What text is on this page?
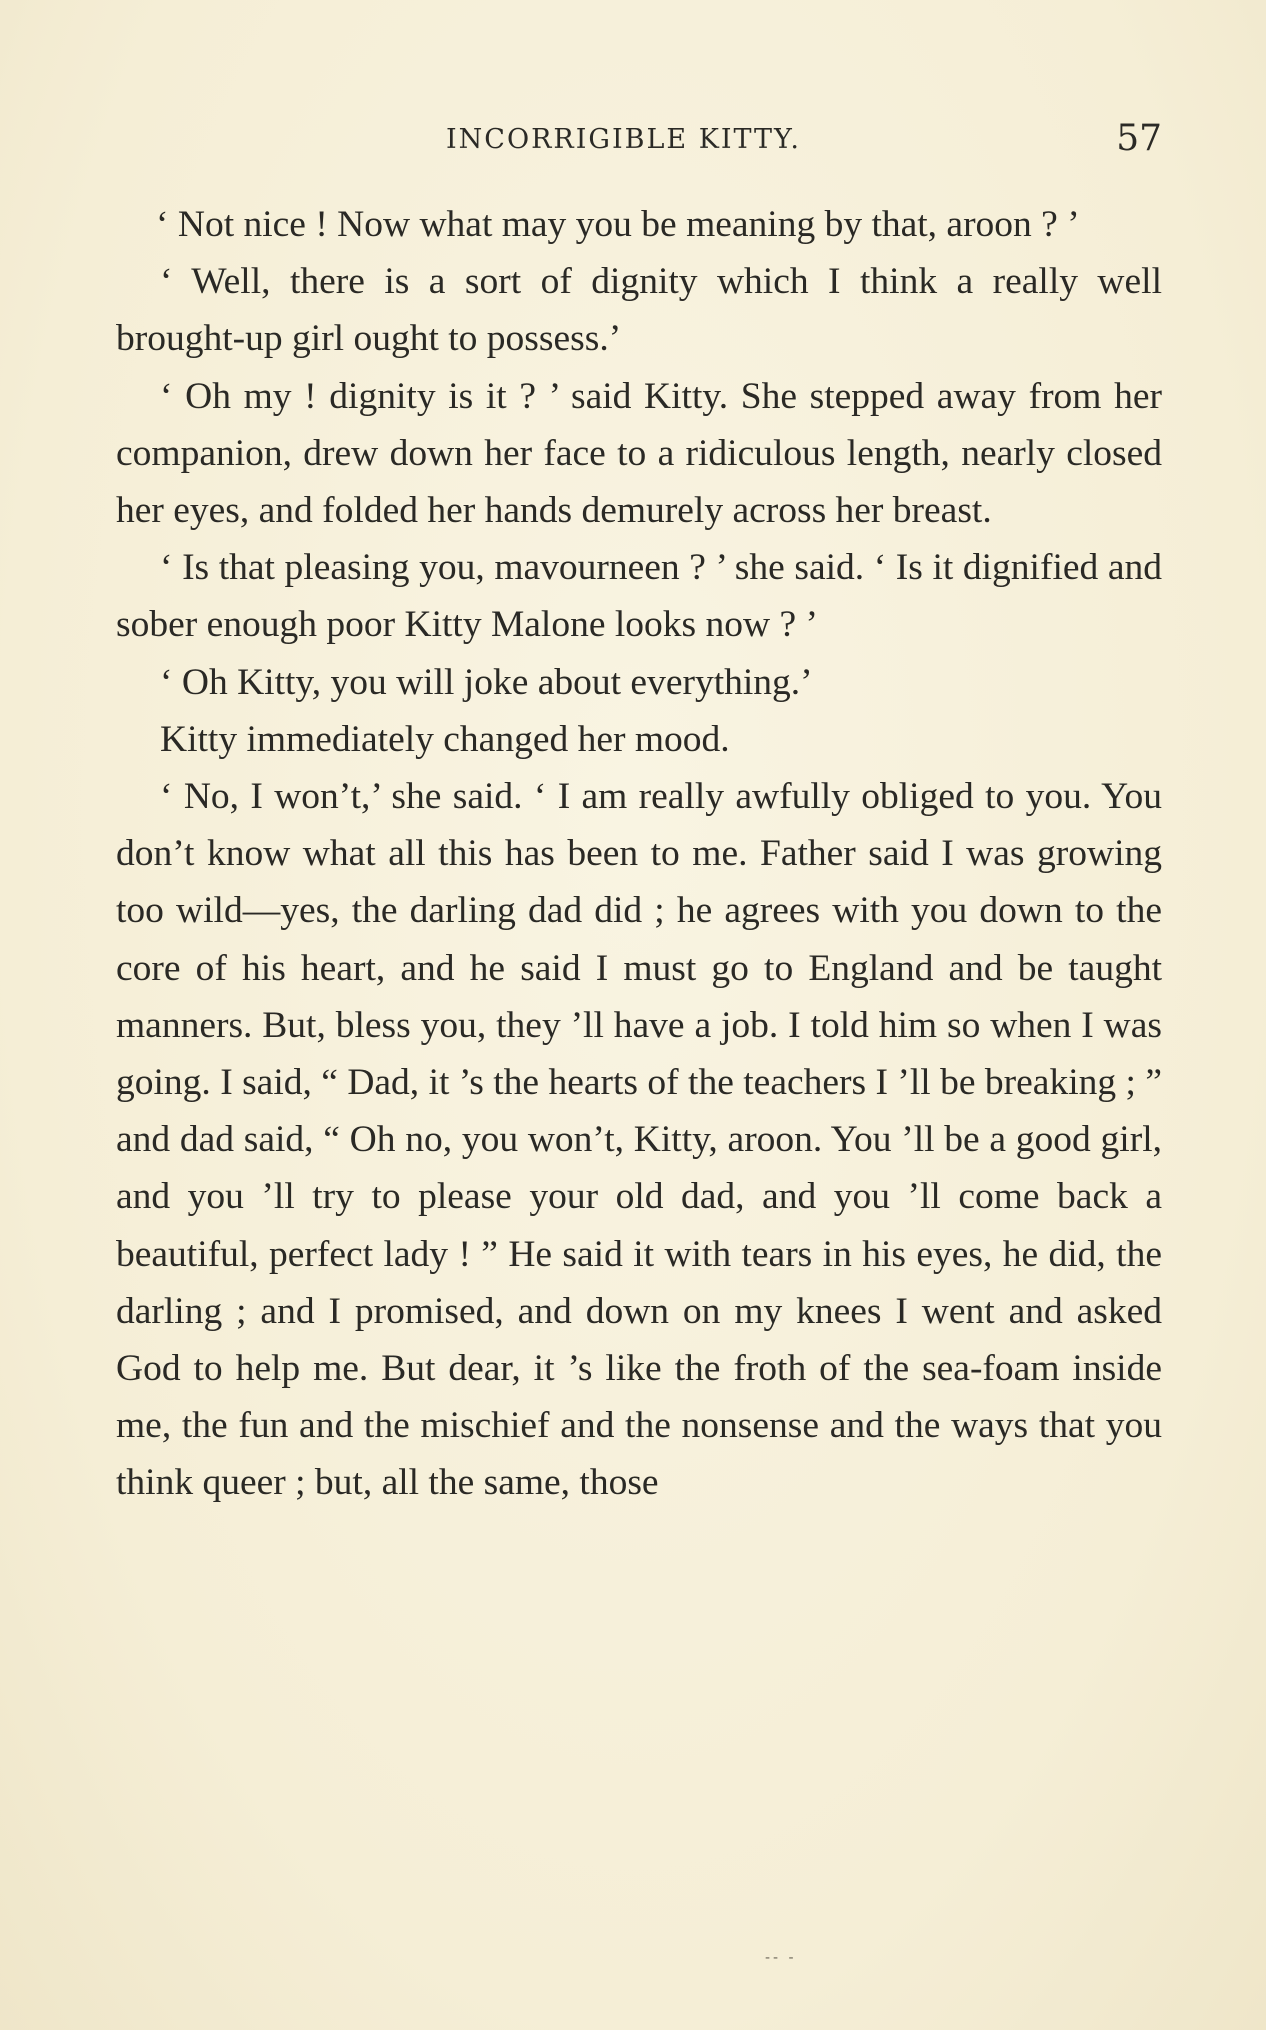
INCORRIGIBLE KITTY.	57

‘ Not nice ! Now what may you be meaning by that, aroon ? ’

‘ Well, there is a sort of dignity which I think a really well brought-up girl ought to possess.’

‘ Oh my ! dignity is it ? ’ said Kitty. She stepped away from her companion, drew down her face to a ridiculous length, nearly closed her eyes, and folded her hands demurely across her breast.

‘ Is that pleasing you, mavourneen ? ’ she said. ‘ Is it dignified and sober enough poor Kitty Malone looks now ? ’

‘ Oh Kitty, you will joke about everything.’

Kitty immediately changed her mood.

‘ No, I won’t,’ she said. ‘ I am really awfully obliged to you. You don’t know what all this has been to me. Father said I was growing too wild—yes, the darling dad did ; he agrees with you down to the core of his heart, and he said I must go to England and be taught manners. But, bless you, they ’ll have a job. I told him so when I was going. I said, “ Dad, it ’s the hearts of the teachers I ’ll be breaking ; ” and dad said, “ Oh no, you won’t, Kitty, aroon. You ’ll be a good girl, and you ’ll try to please your old dad, and you ’ll come back a beautiful, perfect lady ! ” He said it with tears in his eyes, he did, the darling ; and I promised, and down on my knees I went and asked God to help me. But dear, it ’s like the froth of the sea-foam inside me, the fun and the mischief and the nonsense and the ways that you think queer ; but, all the same, those

-- -
